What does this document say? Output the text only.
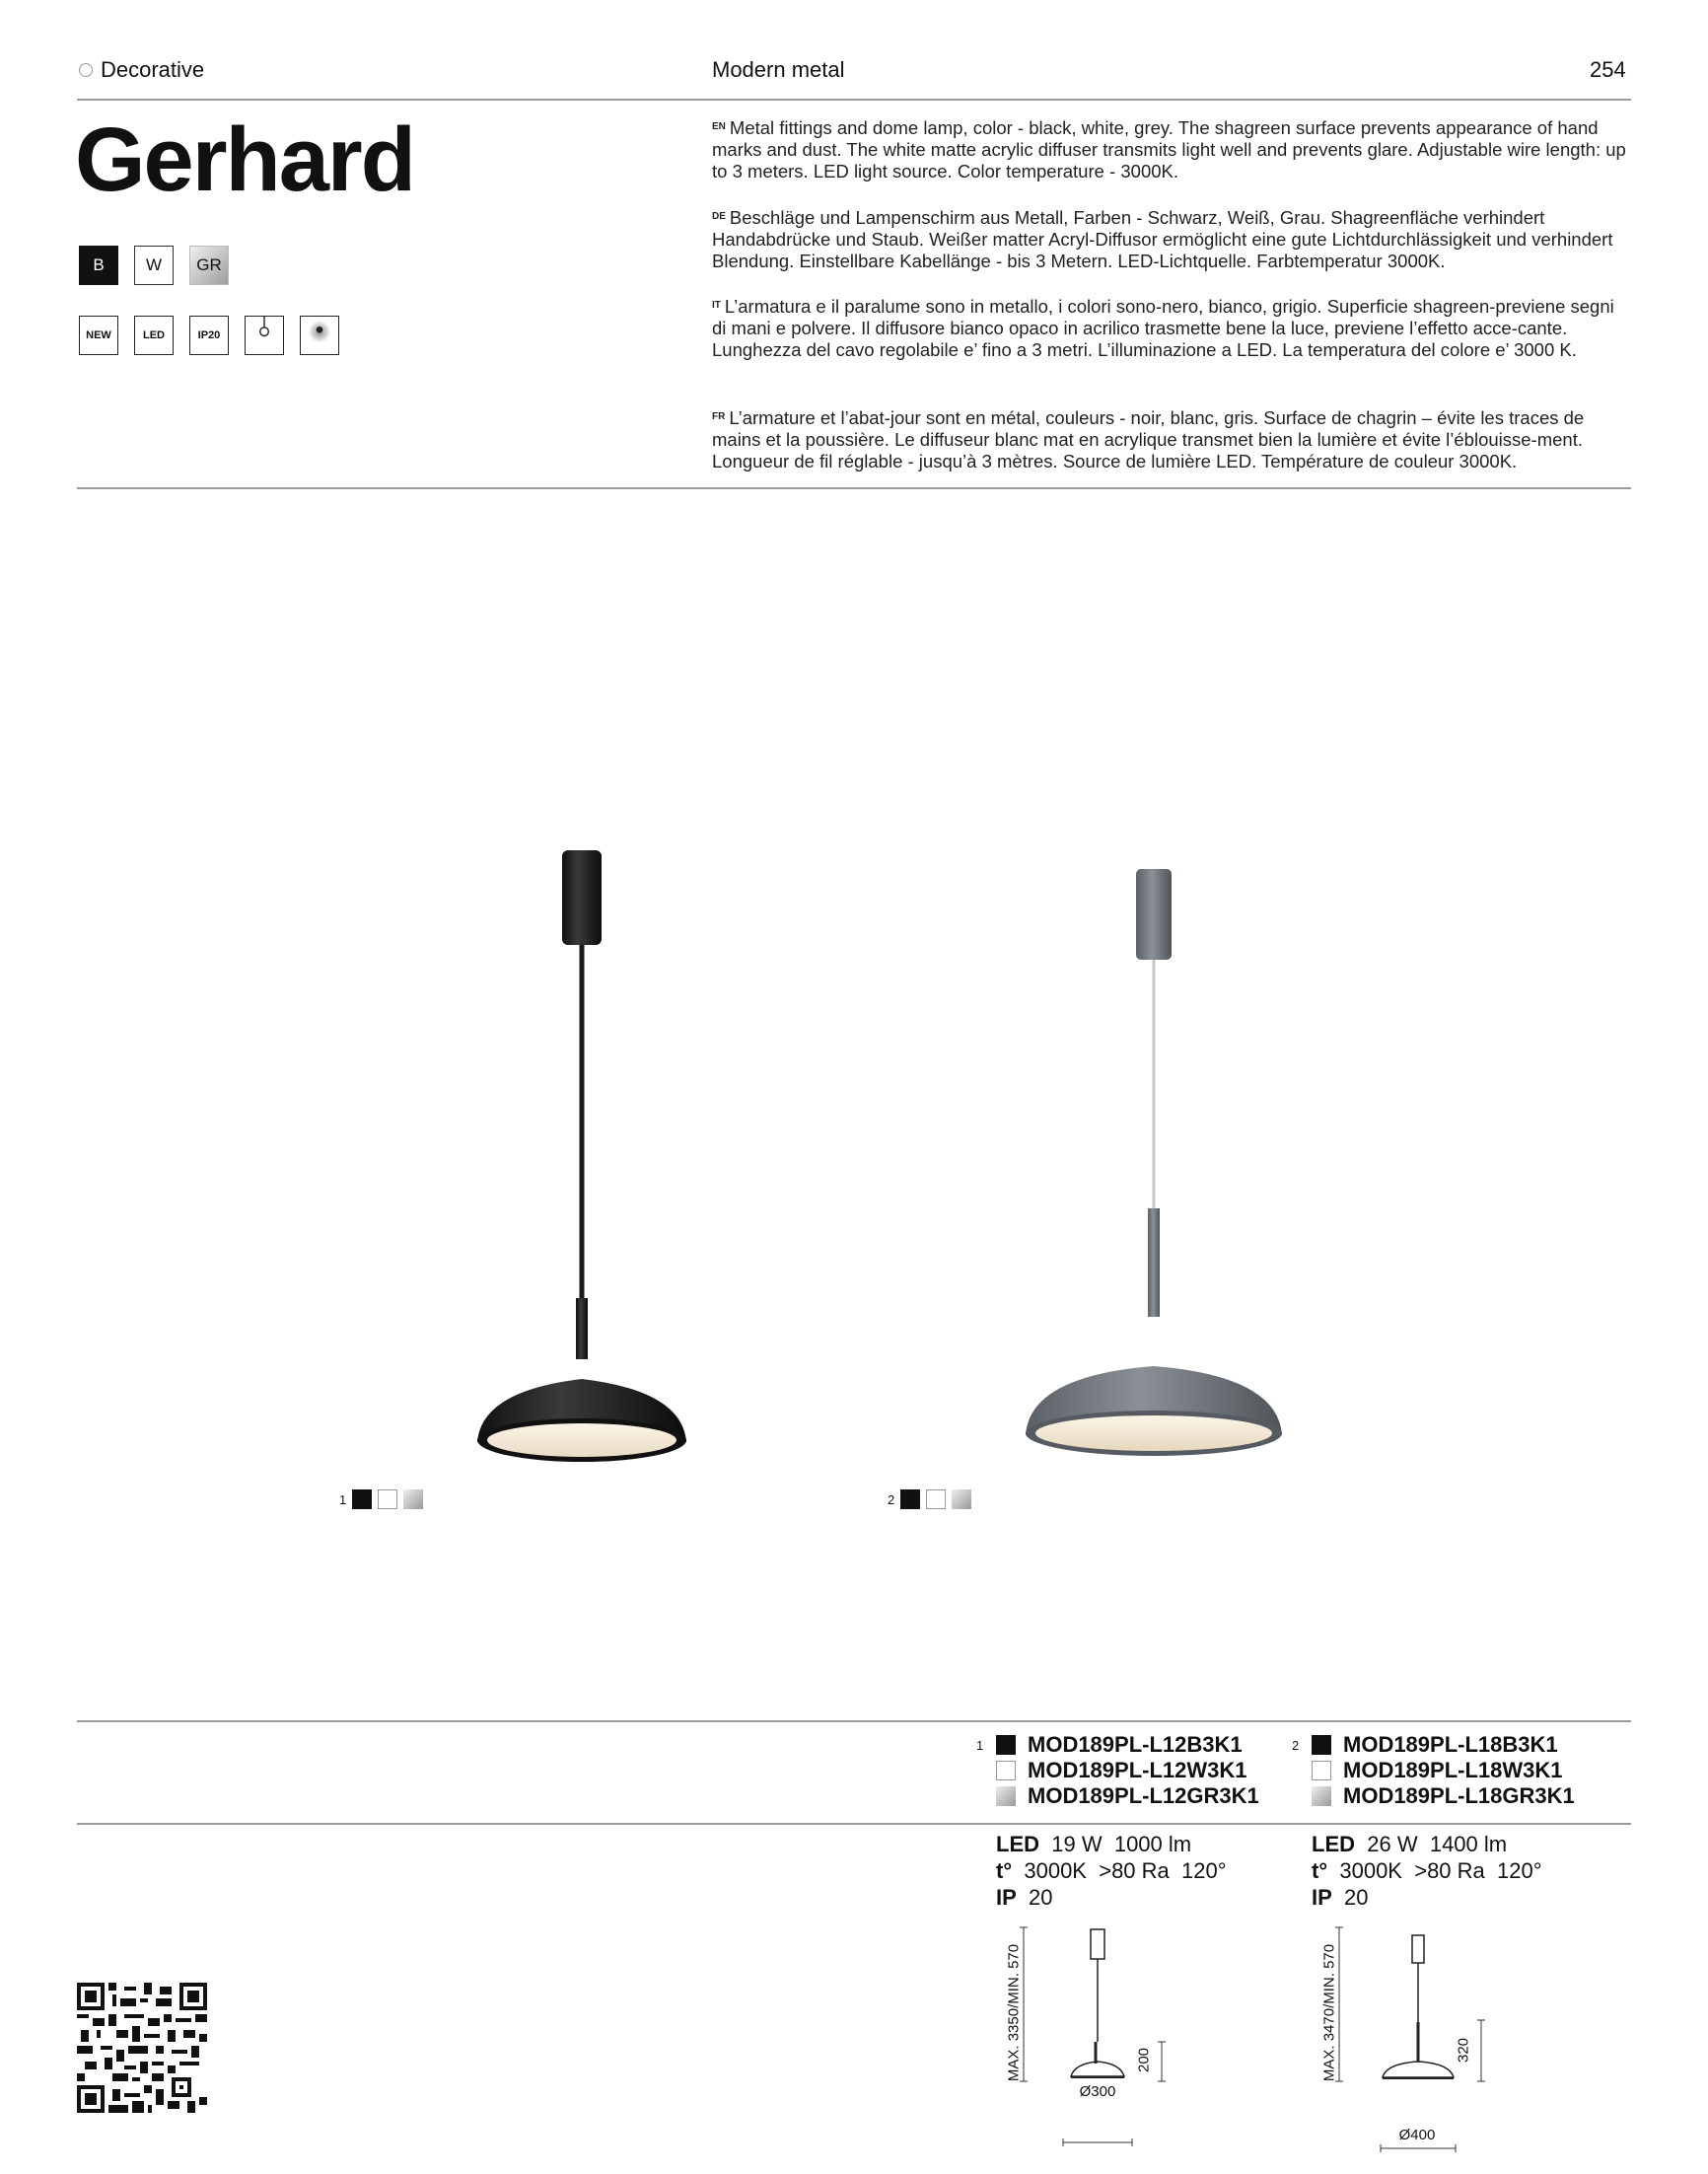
Decorative	Modern metal	254
Gerhard
B	W	GR
NEW	LED	IP20
$^{EN}$ Metal fittings and dome lamp, color - black, white, grey. The shagreen surface prevents appearance of hand marks and dust. The white matte acrylic diffuser transmits light well and prevents glare. Adjustable wire length: up to 3 meters. LED light source. Color temperature - 3000K.
$^{DE}$ Beschläge und Lampenschirm aus Metall, Farben - Schwarz, Weiß, Grau. Shagreenfläche verhindert Handabdrücke und Staub. Weißer matter Acryl-Diffusor ermöglicht eine gute Lichtdurchlässigkeit und verhindert Blendung. Einstellbare Kabellänge - bis 3 Metern. LED-Lichtquelle. Farbtemperatur 3000K.
$^{IT}$ L’armatura e il paralume sono in metallo, i colori sono-nero, bianco, grigio. Superficie shagreen-previene segni di mani e polvere. Il diffusore bianco opaco in acrilico trasmette bene la luce, previene l’effetto acce-cante. Lunghezza del cavo regolabile e’ fino a 3 metri. L’illuminazione a LED. La temperatura del colore e’ 3000 K.
$^{FR}$ L’armature et l’abat-jour sont en métal, couleurs - noir, blanc, gris. Surface de chagrin – évite les traces de mains et la poussière. Le diffuseur blanc mat en acrylique transmet bien la lumière et évite l’éblouisse-ment. Longueur de fil réglable - jusqu’à 3 mètres. Source de lumière LED. Température de couleur 3000K.
1	2
1	MOD189PL-L12B3K1
MOD189PL-L12W3K1
MOD189PL-L12GR3K1
2	MOD189PL-L18B3K1
MOD189PL-L18W3K1
MOD189PL-L18GR3K1
LED 19 W 1000 lm
t° 3000K >80 Ra 120°
IP 20
LED 26 W 1400 lm
t° 3000K >80 Ra 120°
IP 20
MAX. 3350/MIN. 570	200
Ø300
MAX. 3470/MIN. 570	320
Ø400
